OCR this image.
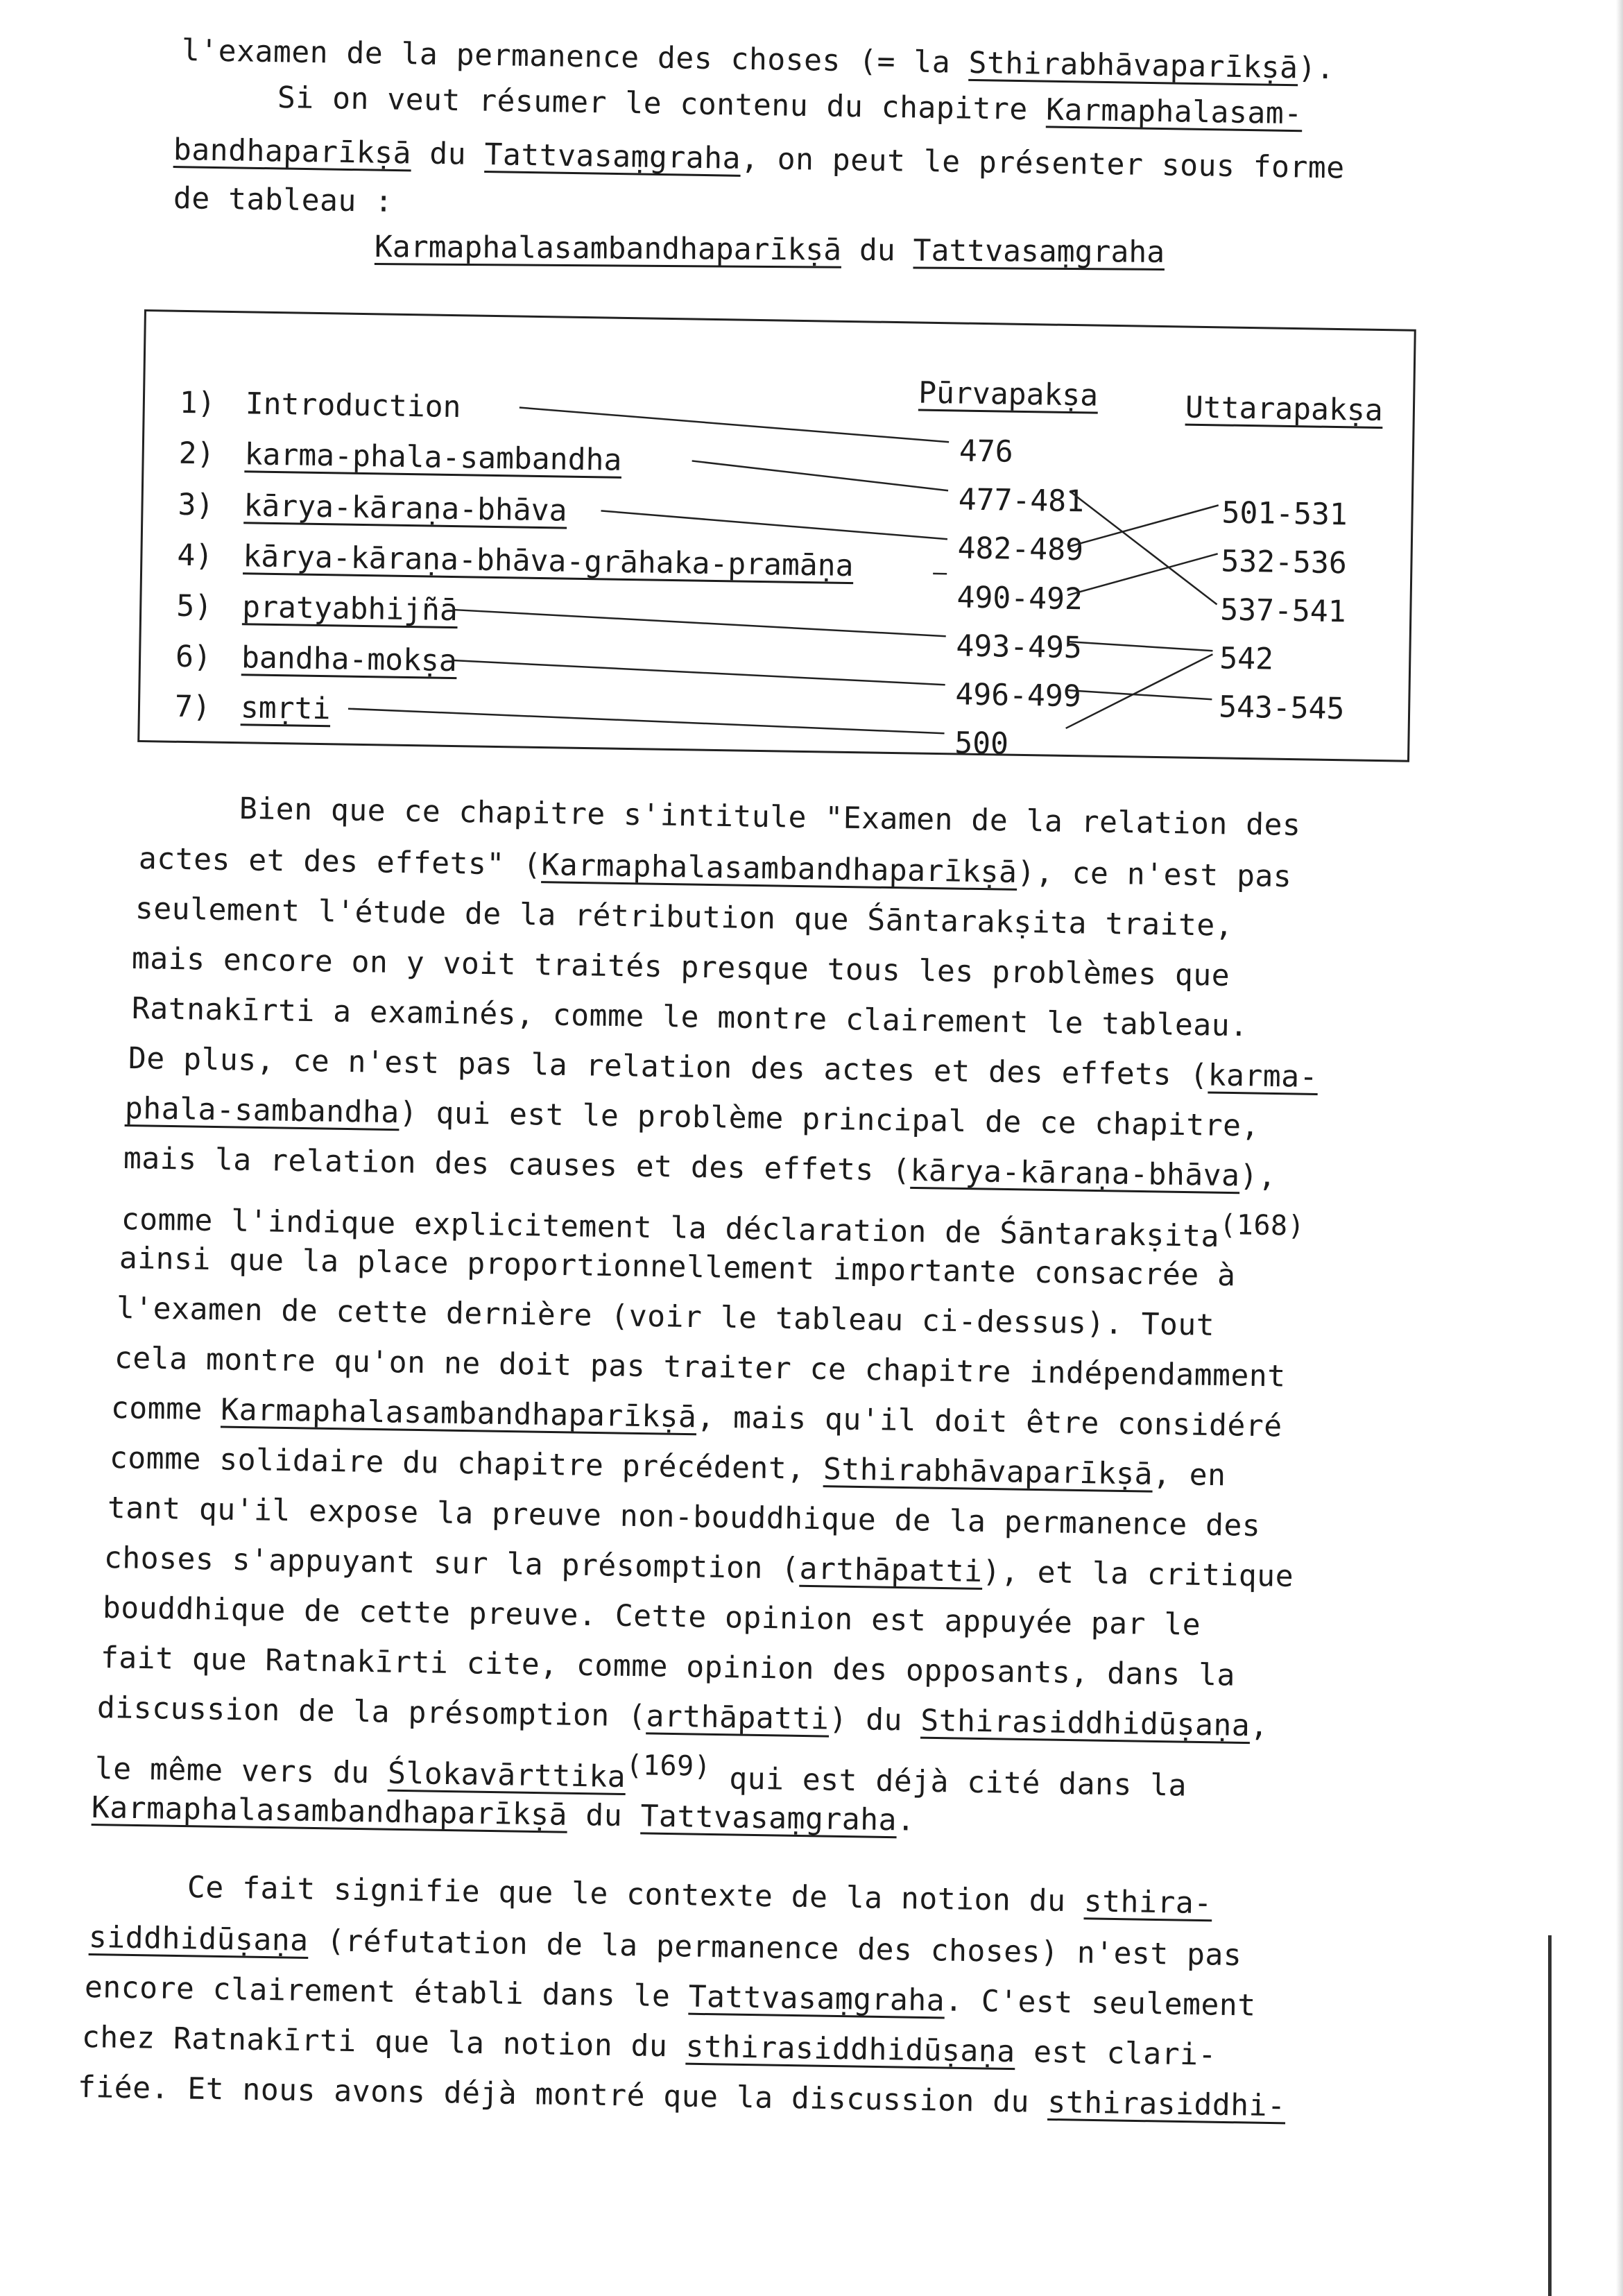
l'examen de la permanence des choses (= la Sthirabhāvaparīkṣā).
Si on veut résumer le contenu du chapitre Karmaphalasam-
bandhaparīkṣā du Tattvasaṃgraha, on peut le présenter sous forme
de tableau :
Karmaphalasambandhaparīkṣā du Tattvasaṃgraha
Pūrvapakṣa	Uttarapakṣa
1) Introduction
476
2) karma-phala-sambandha
477-481
3) kārya-kāraṇa-bhāva
482-489
4) kārya-kāraṇa-bhāva-grāhaka-pramāṇa
490-492
5) pratyabhijñā
493-495
6) bandha-mokṣa
496-499
7) smṛti
500
501-531
532-536
537-541
542
543-545
Bien que ce chapitre s'intitule "Examen de la relation des
actes et des effets" (Karmaphalasambandhaparīkṣā), ce n'est pas
seulement l'étude de la rétribution que Śāntarakṣita traite,
mais encore on y voit traités presque tous les problèmes que
Ratnakīrti a examinés, comme le montre clairement le tableau.
De plus, ce n'est pas la relation des actes et des effets (karma-
phala-sambandha) qui est le problème principal de ce chapitre,
mais la relation des causes et des effets (kārya-kāraṇa-bhāva),
comme l'indique explicitement la déclaration de Śāntarakṣita(168)
ainsi que la place proportionnellement importante consacrée à
l'examen de cette dernière (voir le tableau ci-dessus). Tout
cela montre qu'on ne doit pas traiter ce chapitre indépendamment
comme Karmaphalasambandhaparīkṣā, mais qu'il doit être considéré
comme solidaire du chapitre précédent, Sthirabhāvaparīkṣā, en
tant qu'il expose la preuve non-bouddhique de la permanence des
choses s'appuyant sur la présomption (arthāpatti), et la critique
bouddhique de cette preuve. Cette opinion est appuyée par le
fait que Ratnakīrti cite, comme opinion des opposants, dans la
discussion de la présomption (arthāpatti) du Sthirasiddhidūṣaṇa,
le même vers du Ślokavārttika(169) qui est déjà cité dans la
Karmaphalasambandhaparīkṣā du Tattvasaṃgraha.
Ce fait signifie que le contexte de la notion du sthira-
siddhidūṣaṇa (réfutation de la permanence des choses) n'est pas
encore clairement établi dans le Tattvasaṃgraha. C'est seulement
chez Ratnakīrti que la notion du sthirasiddhidūṣaṇa est clari-
fiée. Et nous avons déjà montré que la discussion du sthirasiddhi-
